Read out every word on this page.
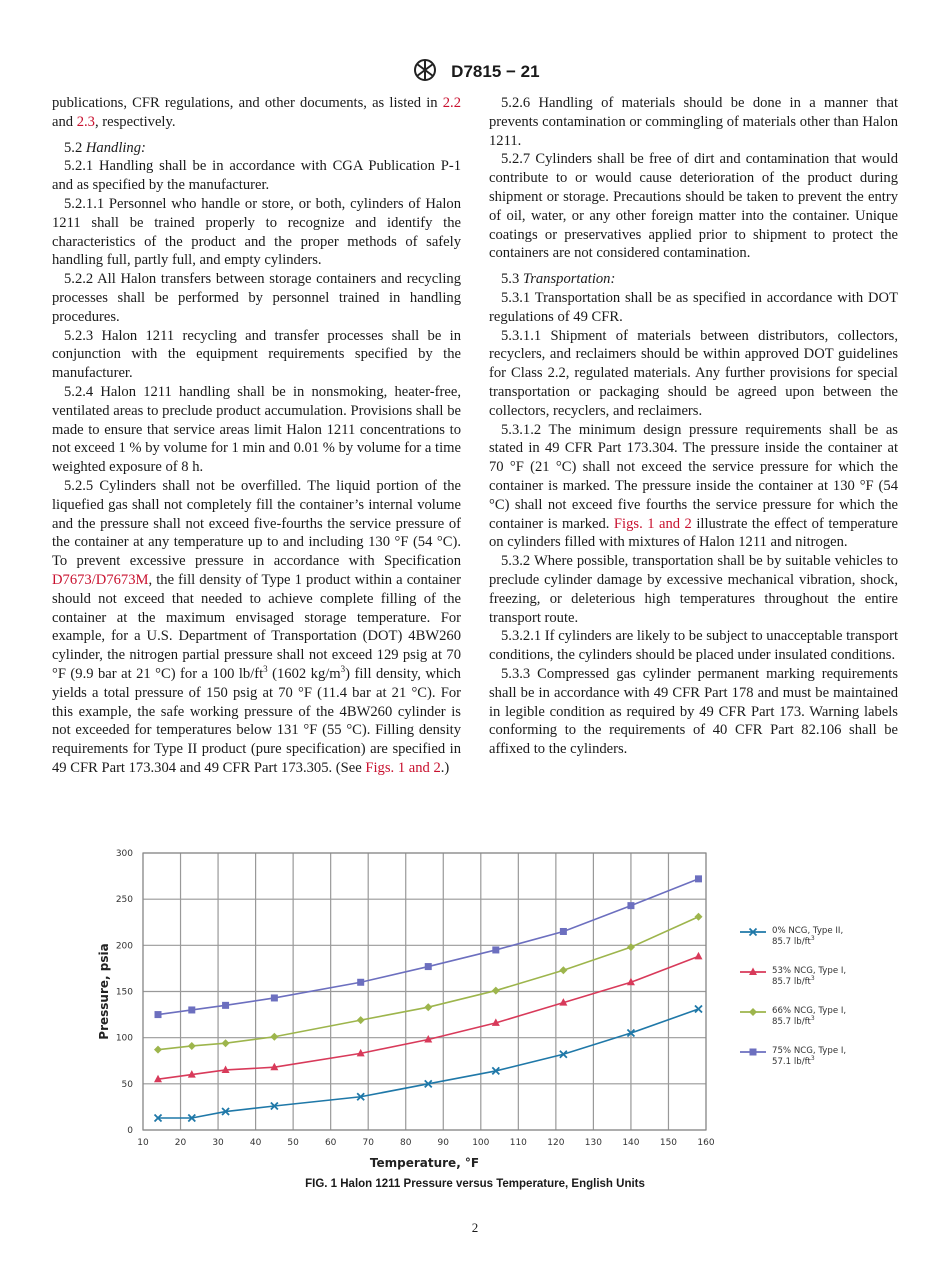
D7815 − 21

publications, CFR regulations, and other documents, as listed in 2.2 and 2.3, respectively.

5.2 Handling:

5.2.1 Handling shall be in accordance with CGA Publication P-1 and as specified by the manufacturer.

5.2.1.1 Personnel who handle or store, or both, cylinders of Halon 1211 shall be trained properly to recognize and identify the characteristics of the product and the proper methods of safely handling full, partly full, and empty cylinders.

5.2.2 All Halon transfers between storage containers and recycling processes shall be performed by personnel trained in handling procedures.

5.2.3 Halon 1211 recycling and transfer processes shall be in conjunction with the equipment requirements specified by the manufacturer.

5.2.4 Halon 1211 handling shall be in nonsmoking, heater-free, ventilated areas to preclude product accumulation. Provisions shall be made to ensure that service areas limit Halon 1211 concentrations to not exceed 1 % by volume for 1 min and 0.01 % by volume for a time weighted exposure of 8 h.

5.2.5 Cylinders shall not be overfilled. The liquid portion of the liquefied gas shall not completely fill the container’s internal volume and the pressure shall not exceed five-fourths the service pressure of the container at any temperature up to and including 130 °F (54 °C). To prevent excessive pressure in accordance with Specification D7673/D7673M, the fill density of Type 1 product within a container should not exceed that needed to achieve complete filling of the container at the maximum envisaged storage temperature. For example, for a U.S. Department of Transportation (DOT) 4BW260 cylinder, the nitrogen partial pressure shall not exceed 129 psig at 70 °F (9.9 bar at 21 °C) for a 100 $lb/ft^3$ (1602 $kg/m^3$) fill density, which yields a total pressure of 150 psig at 70 °F (11.4 bar at 21 °C). For this example, the safe working pressure of the 4BW260 cylinder is not exceeded for temperatures below 131 °F (55 °C). Filling density requirements for Type II product (pure specification) are specified in 49 CFR Part 173.304 and 49 CFR Part 173.305. (See Figs. 1 and 2.)

5.2.6 Handling of materials should be done in a manner that prevents contamination or commingling of materials other than Halon 1211.

5.2.7 Cylinders shall be free of dirt and contamination that would contribute to or would cause deterioration of the product during shipment or storage. Precautions should be taken to prevent the entry of oil, water, or any other foreign matter into the container. Unique coatings or preservatives applied prior to shipment to protect the containers are not considered contamination.

5.3 Transportation:

5.3.1 Transportation shall be as specified in accordance with DOT regulations of 49 CFR.

5.3.1.1 Shipment of materials between distributors, collectors, recyclers, and reclaimers should be within approved DOT guidelines for Class 2.2, regulated materials. Any further provisions for special transportation or packaging should be agreed upon between the collectors, recyclers, and reclaimers.

5.3.1.2 The minimum design pressure requirements shall be as stated in 49 CFR Part 173.304. The pressure inside the container at 70 °F (21 °C) shall not exceed the service pressure for which the container is marked. The pressure inside the container at 130 °F (54 °C) shall not exceed five fourths the service pressure for which the container is marked. Figs. 1 and 2 illustrate the effect of temperature on cylinders filled with mixtures of Halon 1211 and nitrogen.

5.3.2 Where possible, transportation shall be by suitable vehicles to preclude cylinder damage by excessive mechanical vibration, shock, freezing, or deleterious high temperatures throughout the entire transport route.

5.3.2.1 If cylinders are likely to be subject to unacceptable transport conditions, the cylinders should be placed under insulated conditions.

5.3.3 Compressed gas cylinder permanent marking requirements shall be in accordance with 49 CFR Part 178 and must be maintained in legible condition as required by 49 CFR Part 173. Warning labels conforming to the requirements of 40 CFR Part 82.106 shall be affixed to the cylinders.

10	20	30	40	50	60	70	80	90	100 110 120 130 140 150 160
0
50
100
150
200
250
300
Temperature, °F
Pressure, psia
0% NCG, Type II,
85.7 $lb/ft^3$
53% NCG, Type I,
85.7 $lb/ft^3$
66% NCG, Type I,
85.7 $lb/ft^3$
75% NCG, Type I,
57.1 $lb/ft^3$
FIG. 1 Halon 1211 Pressure versus Temperature, English Units
2
